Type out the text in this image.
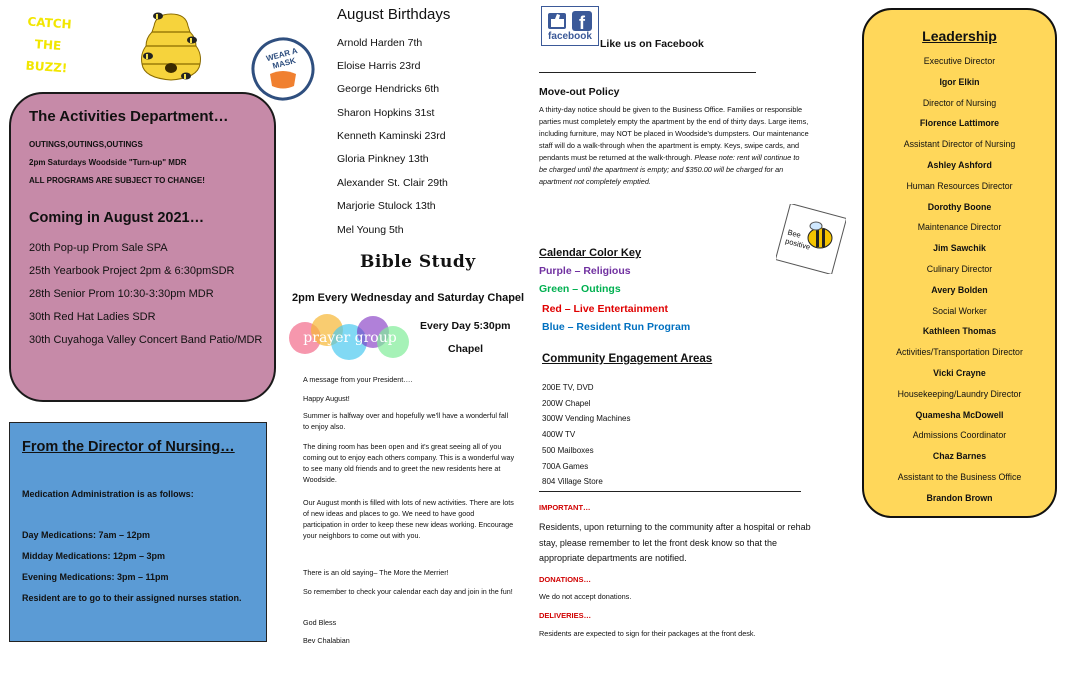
CATCH
THE
BUZZ!
WEAR A MASK
The Activities Department…
OUTINGS,OUTINGS,OUTINGS
2pm Saturdays Woodside "Turn-up" MDR
ALL PROGRAMS ARE SUBJECT TO CHANGE!
Coming in August 2021…
20th Pop-up Prom Sale SPA
25th Yearbook Project 2pm & 6:30pmSDR
28th Senior Prom 10:30-3:30pm MDR
30th Red Hat Ladies SDR
30th Cuyahoga Valley Concert Band Patio/MDR
From the Director of Nursing…
Medication Administration is as follows:
Day Medications: 7am – 12pm
Midday Medications: 12pm – 3pm
Evening Medications: 3pm – 11pm
Resident are to go to their assigned nurses station.
August Birthdays
Arnold Harden 7th
Eloise Harris 23rd
George Hendricks 6th
Sharon Hopkins 31st
Kenneth Kaminski 23rd
Gloria Pinkney 13th
Alexander St. Clair 29th
Marjorie Stulock 13th
Mel Young 5th
Bible Study
2pm Every Wednesday and Saturday Chapel
prayer group
Every Day 5:30pm
Chapel
A message from your President….
Happy August!
Summer is halfway over and hopefully we'll have a wonderful fall to enjoy also.
The dining room has been open and it's great seeing all of you coming out to enjoy each others company. This is a wonderful way to see many old friends and to greet the new residents here at Woodside.
Our August month is filled with lots of new activities. There are lots of new ideas and places to go. We need to have good participation in order to keep these new ideas working. Encourage your neighbors to come out with you.
There is an old saying– The More the Merrier!
So remember to check your calendar each day and join in the fun!
God Bless
Bev Chalabian
f
facebook
Like us on Facebook
Move-out Policy
A thirty-day notice should be given to the Business Office. Families or responsible parties must completely empty the apartment by the end of thirty days. Large items, including furniture, may NOT be placed in Woodside's dumpsters. Our maintenance staff will do a walk-through when the apartment is empty. Keys, swipe cards, and pendants must be returned at the walk-through. Please note: rent will continue to be charged until the apartment is empty; and $350.00 will be charged for an apartment not completely emptied.
Bee positive
Calendar Color Key
Purple – Religious
Green – Outings
Red – Live Entertainment
Blue – Resident Run Program
Community Engagement Areas
200E TV, DVD
200W Chapel
300W Vending Machines
400W TV
500 Mailboxes
700A Games
804 Village Store
IMPORTANT…
Residents, upon returning to the community after a hospital or rehab stay, please remember to let the front desk know so that the appropriate departments are notified.
DONATIONS…
We do not accept donations.
DELIVERIES…
Residents are expected to sign for their packages at the front desk.
Leadership
Executive Director
Igor Elkin
Director of Nursing
Florence Lattimore
Assistant Director of Nursing
Ashley Ashford
Human Resources Director
Dorothy Boone
Maintenance Director
Jim Sawchik
Culinary Director
Avery Bolden
Social Worker
Kathleen Thomas
Activities/Transportation Director
Vicki Crayne
Housekeeping/Laundry Director
Quamesha McDowell
Admissions Coordinator
Chaz Barnes
Assistant to the Business Office
Brandon Brown
